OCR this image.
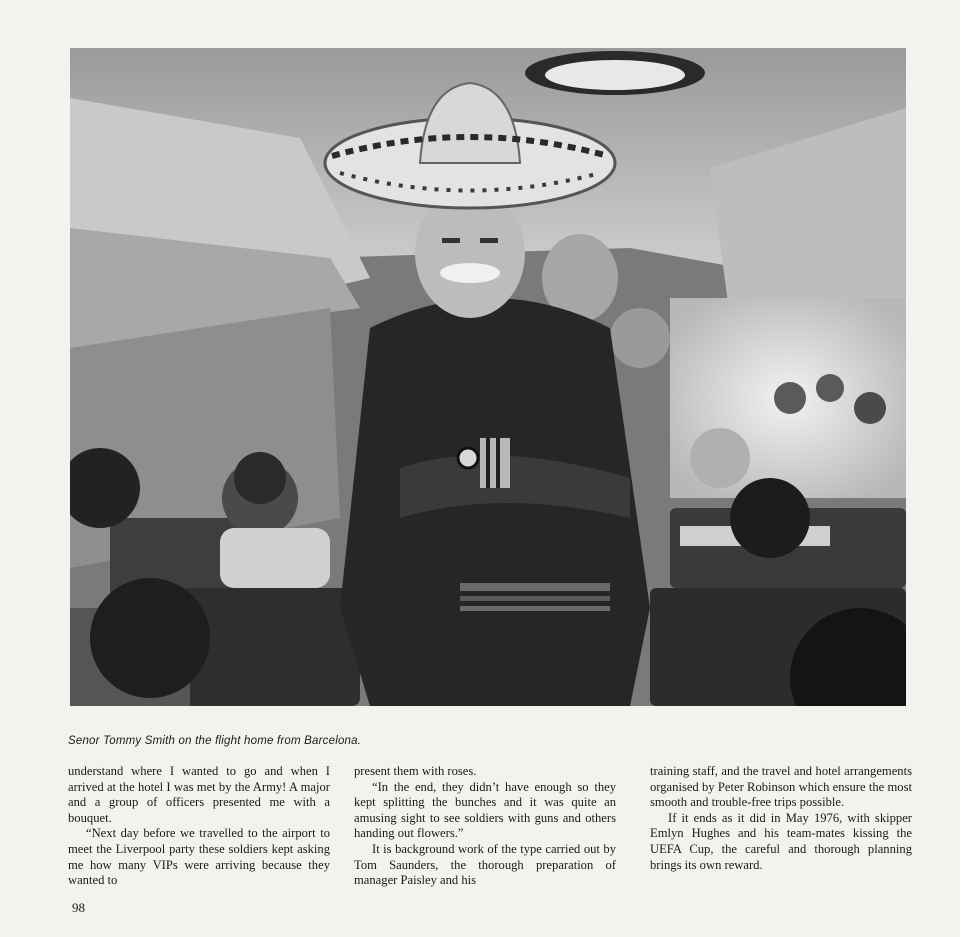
Senor Tommy Smith on the flight home from Barcelona.

understand where I wanted to go and when I arrived at the hotel I was met by the Army! A major and a group of officers presented me with a bouquet.

“Next day before we travelled to the airport to meet the Liverpool party these soldiers kept asking me how many VIPs were arriving because they wanted to

present them with roses.

“In the end, they didn’t have enough so they kept splitting the bunches and it was quite an amusing sight to see soldiers with guns and others handing out flowers.”

It is background work of the type carried out by Tom Saunders, the thorough preparation of manager Paisley and his

training staff, and the travel and hotel arrangements organised by Peter Robinson which ensure the most smooth and trouble-free trips possible.

If it ends as it did in May 1976, with skipper Emlyn Hughes and his team-mates kissing the UEFA Cup, the careful and thorough planning brings its own reward.

98
